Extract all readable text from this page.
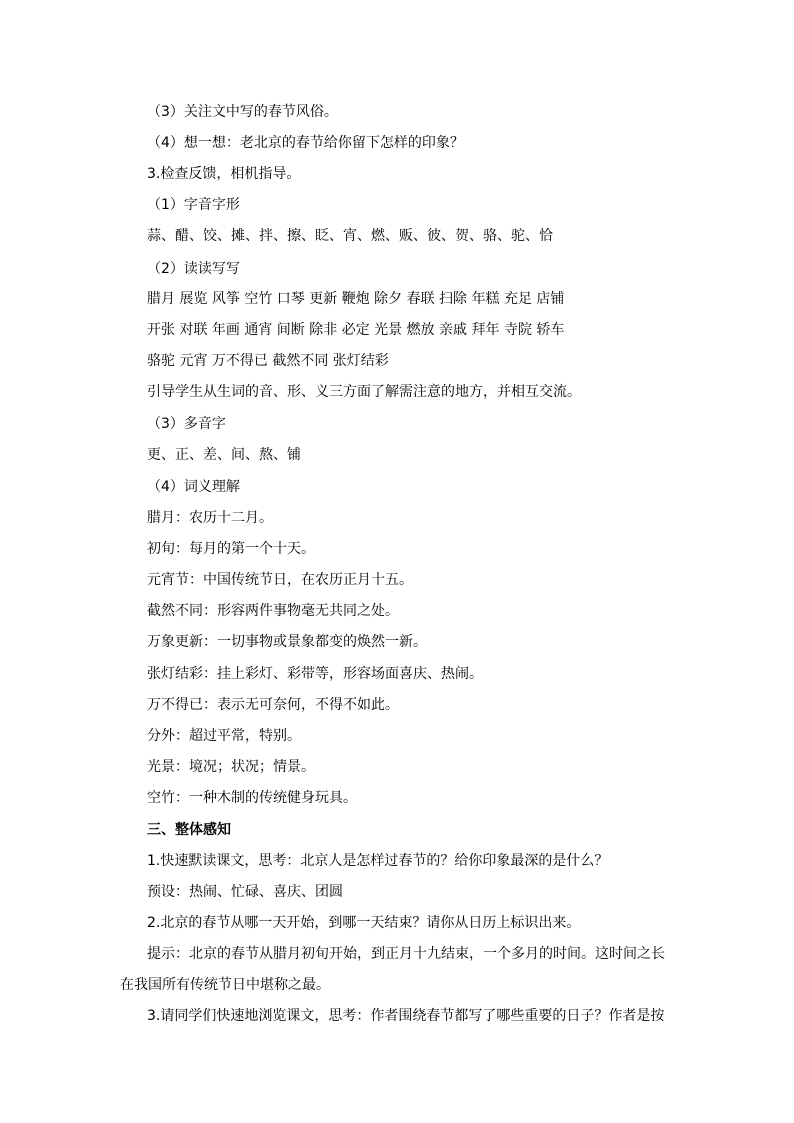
（3）关注文中写的春节风俗。
（4）想一想：老北京的春节给你留下怎样的印象？
3.检查反馈，相机指导。
（1）字音字形
蒜、醋、饺、摊、拌、擦、眨、宵、燃、贩、彼、贺、骆、驼、恰
（2）读读写写
腊月 展览 风筝 空竹 口琴 更新 鞭炮 除夕 春联 扫除 年糕 充足 店铺
开张 对联 年画 通宵 间断 除非 必定 光景 燃放 亲戚 拜年 寺院 轿车
骆驼 元宵 万不得已 截然不同 张灯结彩
引导学生从生词的音、形、义三方面了解需注意的地方，并相互交流。
（3）多音字
更、正、差、间、熬、铺
（4）词义理解
腊月：农历十二月。
初旬：每月的第一个十天。
元宵节：中国传统节日，在农历正月十五。
截然不同：形容两件事物毫无共同之处。
万象更新：一切事物或景象都变的焕然一新。
张灯结彩：挂上彩灯、彩带等，形容场面喜庆、热闹。
万不得已：表示无可奈何，不得不如此。
分外：超过平常，特别。
光景：境况；状况；情景。
空竹：一种木制的传统健身玩具。
三、整体感知
1.快速默读课文，思考：北京人是怎样过春节的？给你印象最深的是什么？
预设：热闹、忙碌、喜庆、团圆
2.北京的春节从哪一天开始，到哪一天结束？请你从日历上标识出来。
提示：北京的春节从腊月初旬开始，到正月十九结束，一个多月的时间。这时间之长
在我国所有传统节日中堪称之最。
3.请同学们快速地浏览课文，思考：作者围绕春节都写了哪些重要的日子？作者是按
